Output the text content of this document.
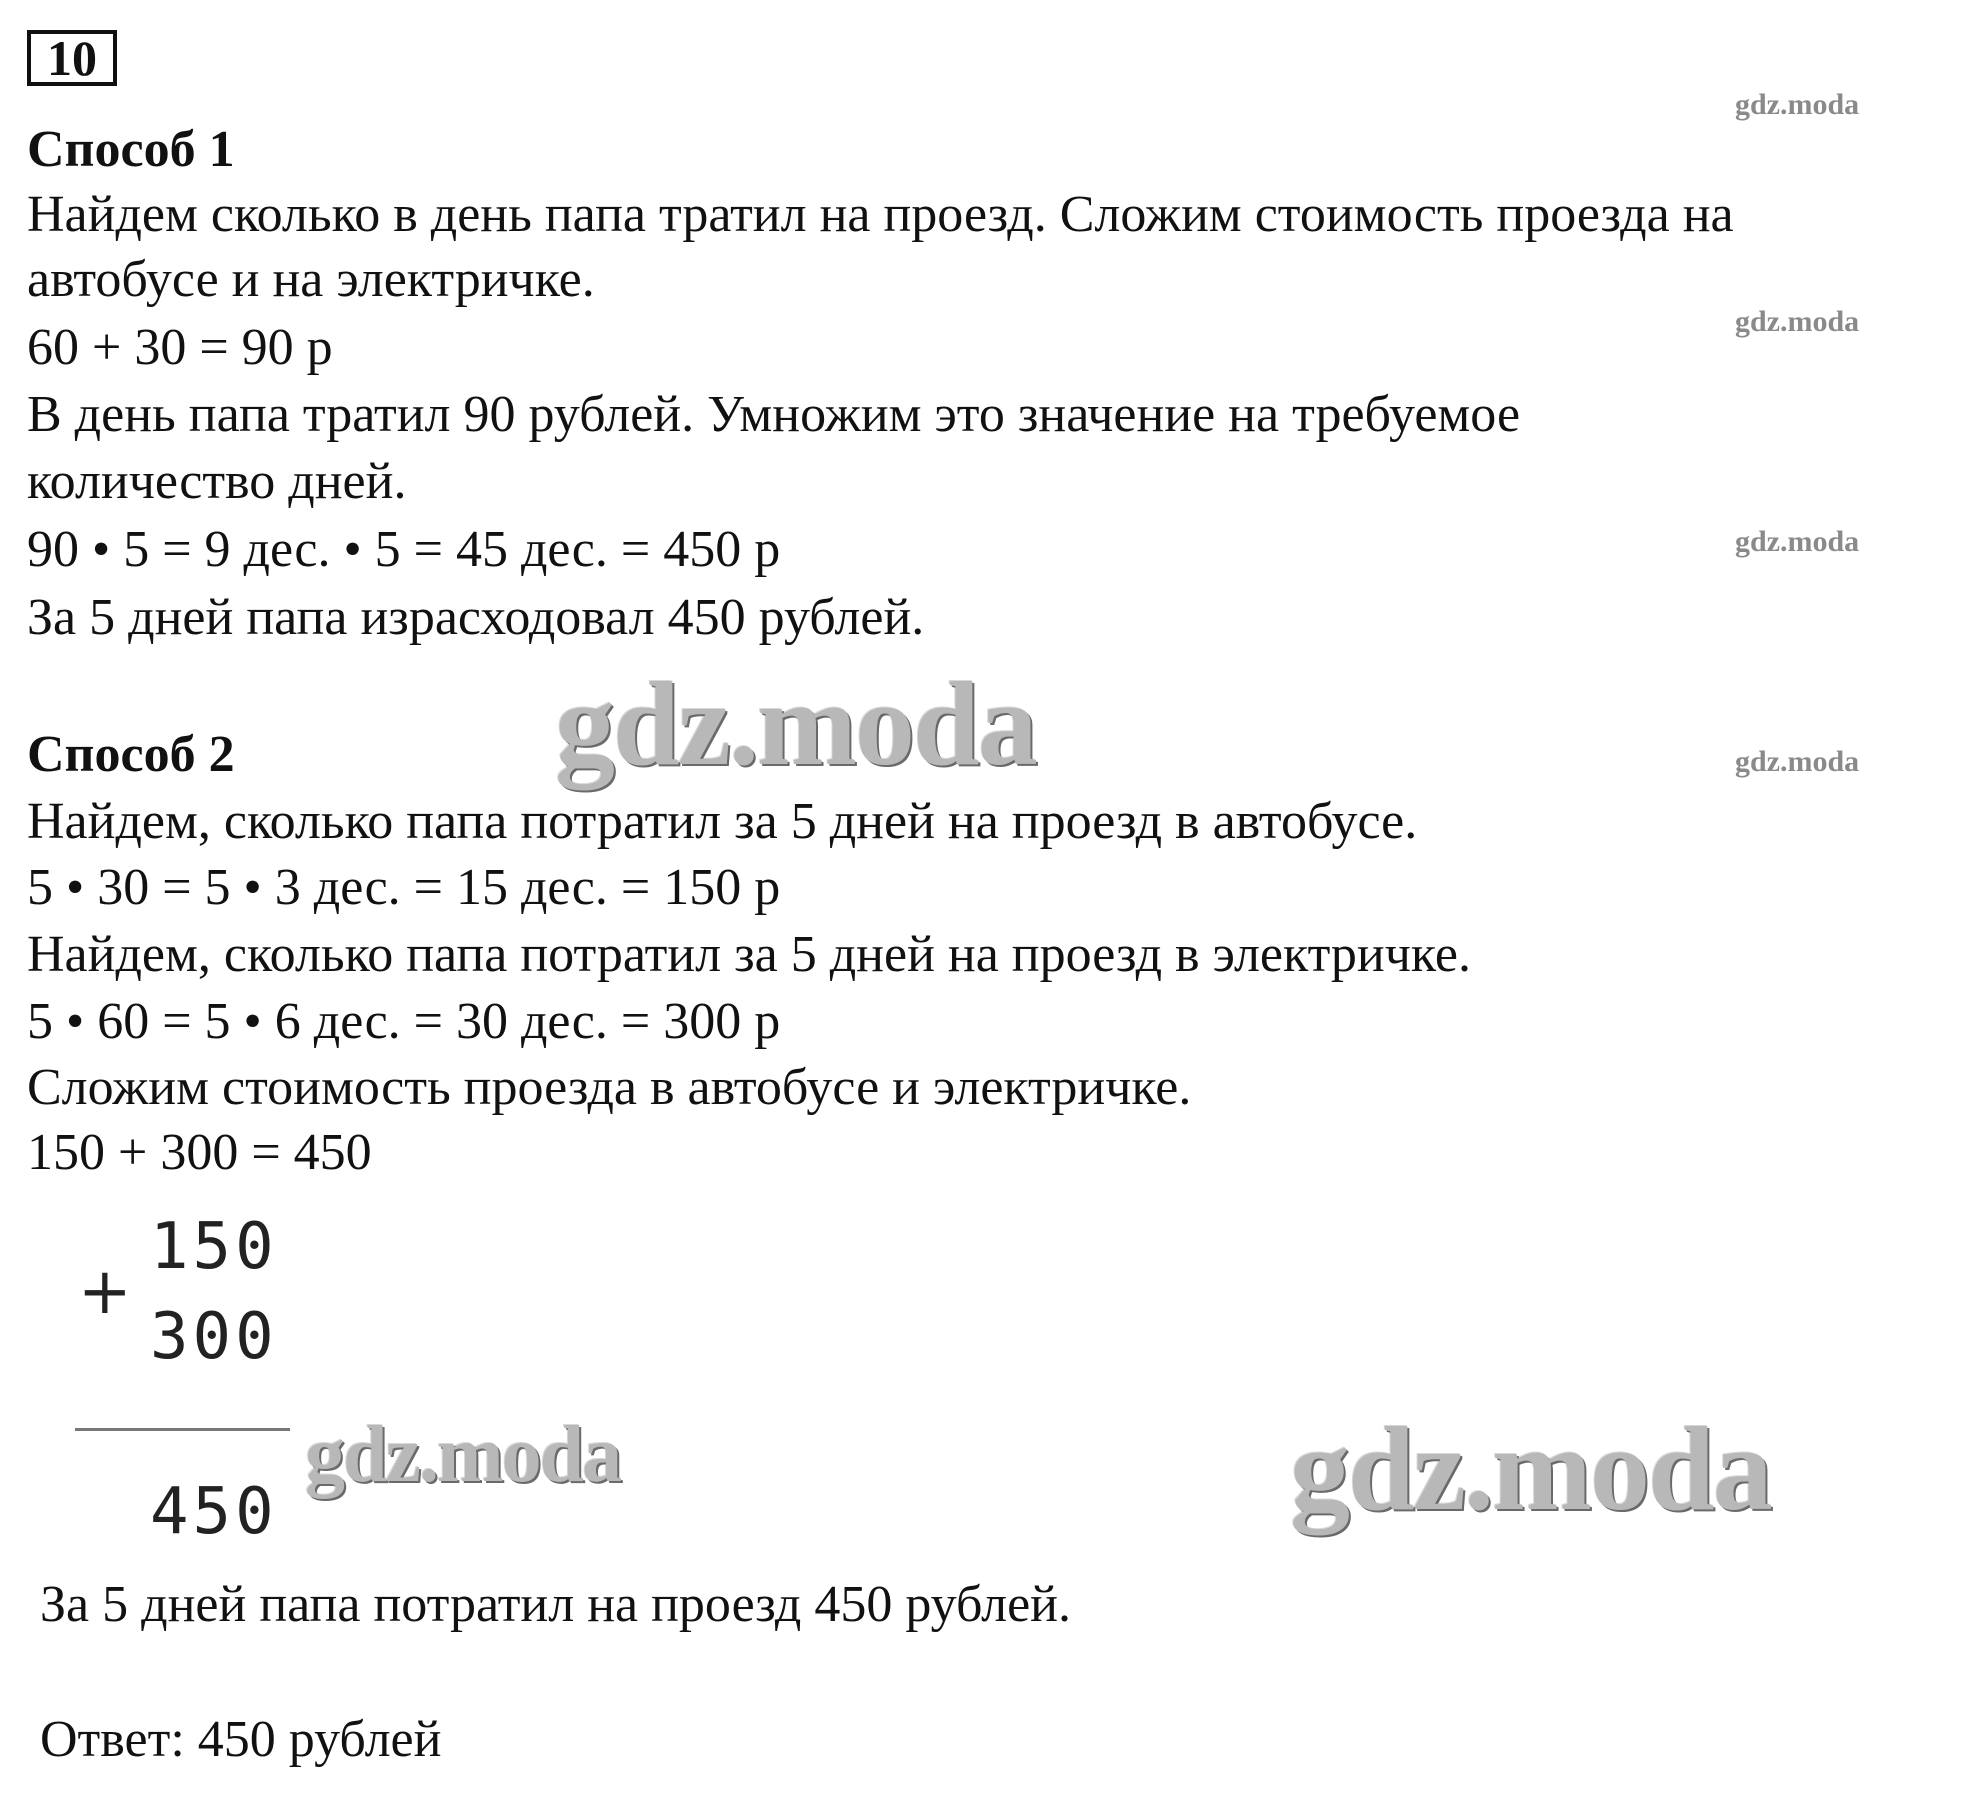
10
gdz.moda
gdz.moda
gdz.moda
gdz.moda
Способ 1
Найдем сколько в день папа тратил на проезд. Сложим стоимость проезда на
автобусе и на электричке.
60 + 30 = 90 р
В день папа тратил 90 рублей. Умножим это значение на требуемое
количество дней.
90 • 5 = 9 дес. • 5 = 45 дес. = 450 р
За 5 дней папа израсходовал 450 рублей.
gdz.moda
Способ 2
Найдем, сколько папа потратил за 5 дней на проезд в автобусе.
5 • 30 = 5 • 3 дес. = 15 дес. = 150 р
Найдем, сколько папа потратил за 5 дней на проезд в электричке.
5 • 60 = 5 • 6 дес. = 30 дес. = 300 р
Сложим стоимость проезда в автобусе и электричке.
150 + 300 = 450
150
+
300
450
gdz.moda	gdz.moda
За 5 дней папа потратил на проезд 450 рублей.
Ответ: 450 рублей
